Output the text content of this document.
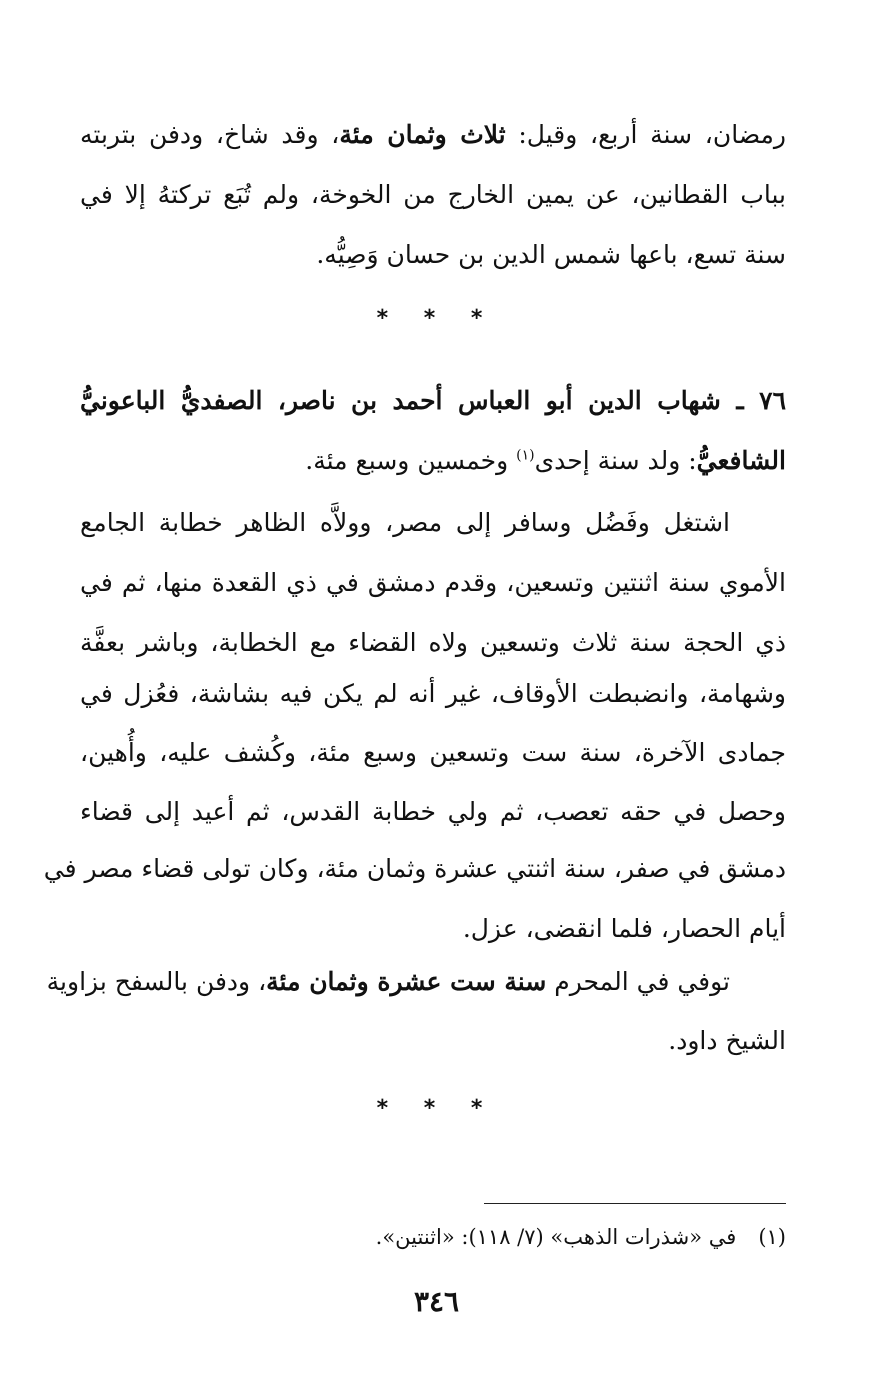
رمضان، سنة أربع، وقيل: ثلاث وثمان مئة، وقد شاخ، ودفن بتربته
بباب القطانين، عن يمين الخارج من الخوخة، ولم تُبَع تركتهُ إلا في
سنة تسع، باعها شمس الدين بن حسان وَصِيُّه.
* * *
٧٦ ـ شهاب الدين أبو العباس أحمد بن ناصر، الصفديُّ الباعونيُّ
الشافعيُّ: ولد سنة إحدى$^{(١)}$ وخمسين وسبع مئة.
اشتغل وفَضُل وسافر إلى مصر، وولاَّه الظاهر خطابة الجامع
الأموي سنة اثنتين وتسعين، وقدم دمشق في ذي القعدة منها، ثم في
ذي الحجة سنة ثلاث وتسعين ولاه القضاء مع الخطابة، وباشر بعفَّة
وشهامة، وانضبطت الأوقاف، غير أنه لم يكن فيه بشاشة، فعُزل في
جمادى الآخرة، سنة ست وتسعين وسبع مئة، وكُشف عليه، وأُهين،
وحصل في حقه تعصب، ثم ولي خطابة القدس، ثم أعيد إلى قضاء
دمشق في صفر، سنة اثنتي عشرة وثمان مئة، وكان تولى قضاء مصر في
أيام الحصار، فلما انقضى، عزل.
توفي في المحرم سنة ست عشرة وثمان مئة، ودفن بالسفح بزاوية
الشيخ داود.
* * *
(١)في «شذرات الذهب» (٧/ ١١٨): «اثنتين».
٣٤٦
